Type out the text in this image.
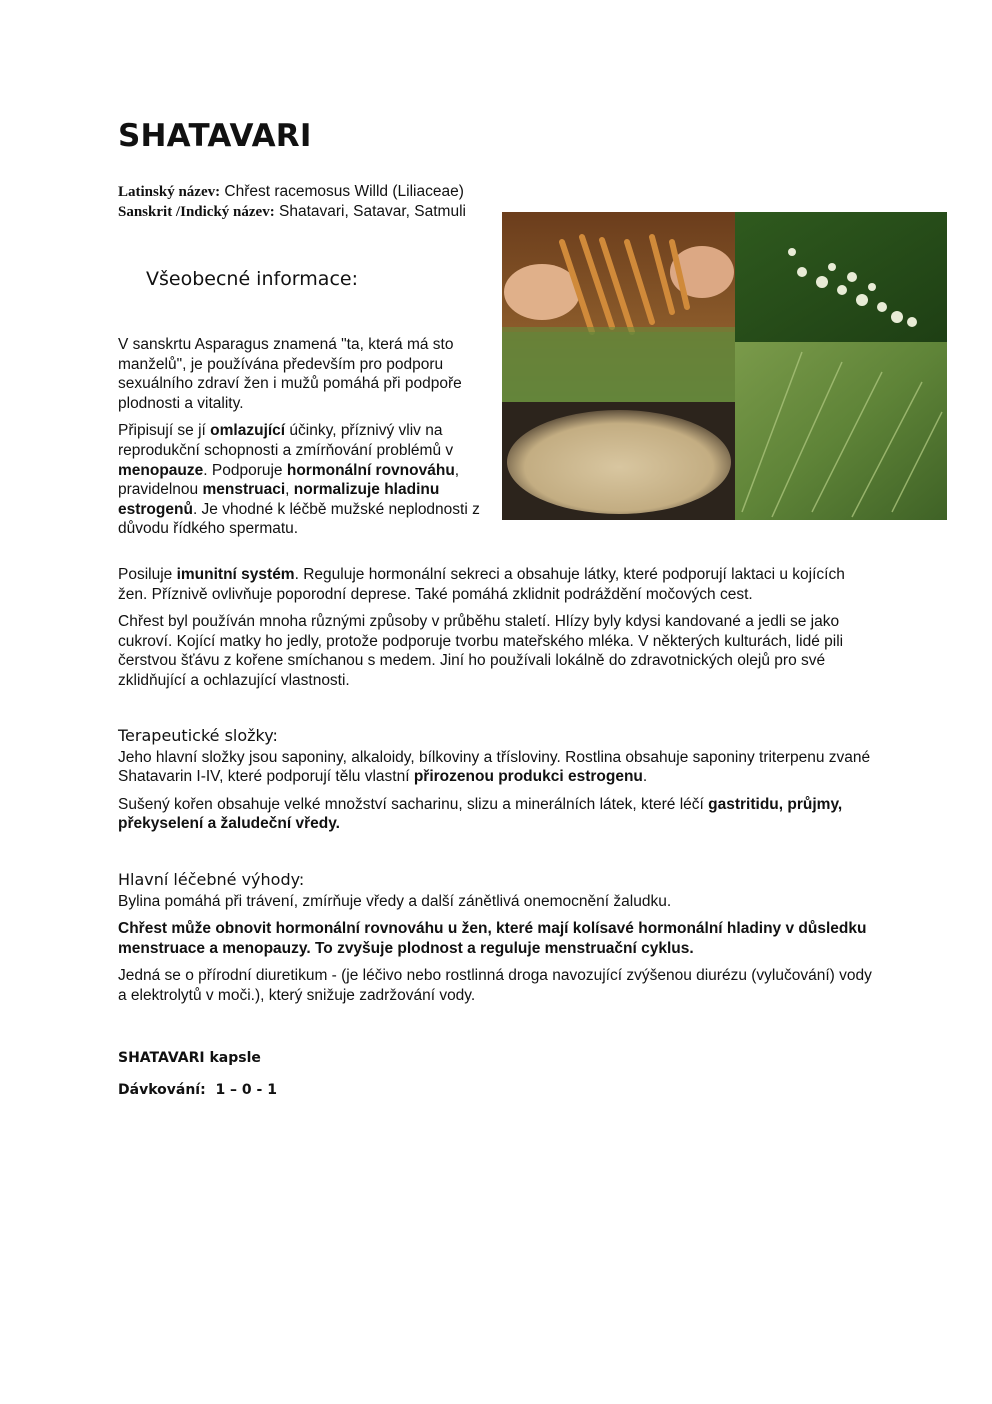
SHATAVARI
Latinský název: Chřest racemosus Willd (Liliaceae)
Sanskrit /Indický název: Shatavari, Satavar, Satmuli
Všeobecné informace:

V sanskrtu Asparagus znamená "ta, která má sto manželů", je používána především pro podporu sexuálního zdraví žen i mužů pomáhá při podpoře plodnosti a vitality.

Připisují se jí omlazující účinky, příznivý vliv na reprodukční schopnosti a zmírňování problémů v menopauze. Podporuje hormonální rovnováhu, pravidelnou menstruaci, normalizuje hladinu estrogenů. Je vhodné k léčbě mužské neplodnosti z důvodu řídkého spermatu.

Posiluje imunitní systém. Reguluje hormonální sekreci a obsahuje látky, které podporují laktaci u kojících žen. Příznivě ovlivňuje poporodní deprese. Také pomáhá zklidnit podráždění močových cest.

Chřest byl používán mnoha různými způsoby v průběhu staletí. Hlízy byly kdysi kandované a jedli se jako cukroví. Kojící matky ho jedly, protože podporuje tvorbu mateřského mléka. V některých kulturách, lidé pili čerstvou šťávu z kořene smíchanou s medem. Jiní ho používali lokálně do zdravotnických olejů pro své zklidňující a ochlazující vlastnosti.

Terapeutické složky:

Jeho hlavní složky jsou saponiny, alkaloidy, bílkoviny a třísloviny. Rostlina obsahuje saponiny triterpenu zvané Shatavarin I-IV, které podporují tělu vlastní přirozenou produkci estrogenu.

Sušený kořen obsahuje velké množství sacharinu, slizu a minerálních látek, které léčí gastritidu, průjmy, překyselení a žaludeční vředy.

Hlavní léčebné výhody:

Bylina pomáhá při trávení, zmírňuje vředy a další zánětlivá onemocnění žaludku.

Chřest může obnovit hormonální rovnováhu u žen, které mají kolísavé hormonální hladiny v důsledku menstruace a menopauzy. To zvyšuje plodnost a reguluje menstruační cyklus.

Jedná se o přírodní diuretikum - (je léčivo nebo rostlinná droga navozující zvýšenou diurézu (vylučování) vody a elektrolytů v moči.), který snižuje zadržování vody.

SHATAVARI kapsle

Dávkování: 1 – 0 - 1
